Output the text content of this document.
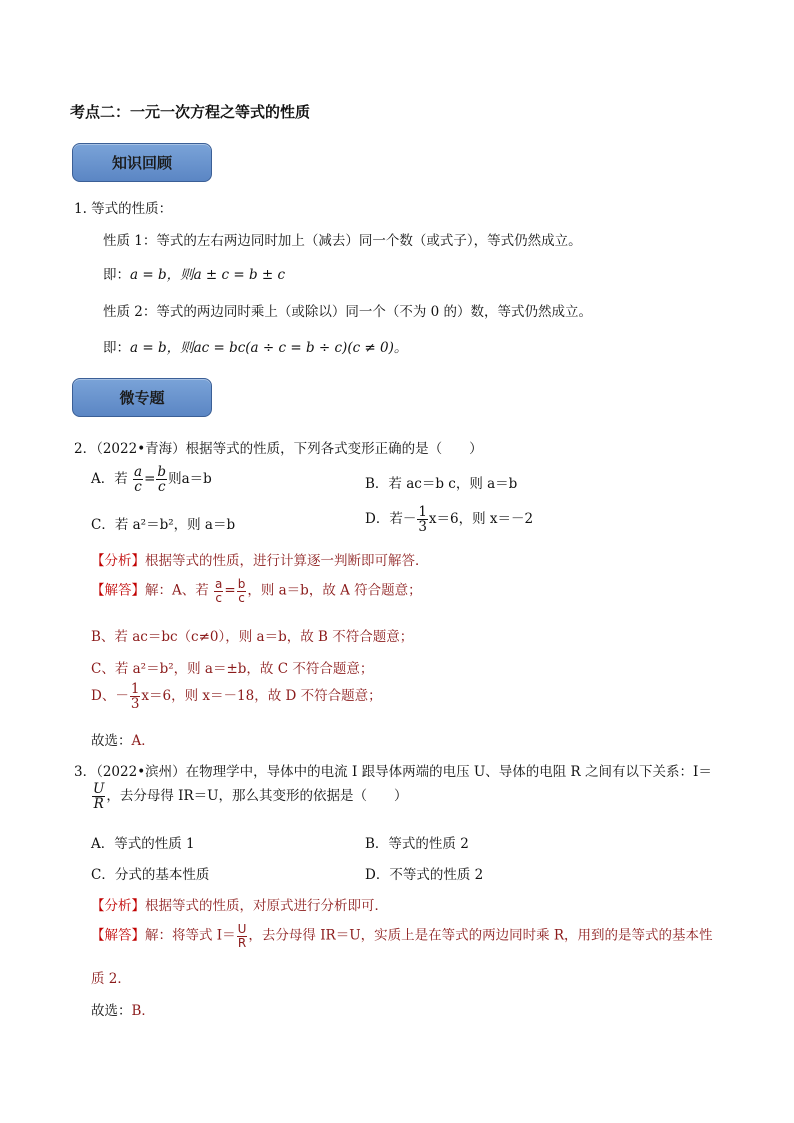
考点二：一元一次方程之等式的性质
知识回顾
1. 等式的性质：
性质 1：等式的左右两边同时加上（减去）同一个数（或式子），等式仍然成立。
即：a = b，则a ± c = b ± c
性质 2：等式的两边同时乘上（或除以）同一个（不为 0 的）数，等式仍然成立。
即：a = b，则ac = bc(a ÷ c = b ÷ c)(c ≠ 0)。
微专题
2．（2022•青海）根据等式的性质，下列各式变形正确的是（　　）
A．若 $\frac{a}{c} = \frac{b}{c}$ 则a＝b	B．若 ac＝b c，则 a＝b
C．若 a²＝b²，则 a＝b	D．若－ $\frac{1}{3} x=6$，则 x＝－2
【分析】根据等式的性质，进行计算逐一判断即可解答．
【解答】解：A、若 $\frac{a}{c} = \frac{b}{c}$ ，则 a＝b，故 A 符合题意；
B、若 ac＝bc（c≠0），则 a＝b，故 B 不符合题意；
C、若 a²＝b²，则 a＝±b，故 C 不符合题意；
D、－ $\frac{1}{3} x=6$，则 x＝－18，故 D 不符合题意；
故选：A．
3．（2022•滨州）在物理学中，导体中的电流 I 跟导体两端的电压 U、导体的电阻 R 之间有以下关系：I＝
$\frac{U}{R}$ ，去分母得 IR＝U，那么其变形的依据是（　　）
A．等式的性质 1	B．等式的性质 2
C．分式的基本性质	D．不等式的性质 2
【分析】根据等式的性质，对原式进行分析即可．
【解答】解：将等式 $I= \frac{U}{R}$ ，去分母得 IR＝U，实质上是在等式的两边同时乘 R，用到的是等式的基本性
质 2．
故选：B．
